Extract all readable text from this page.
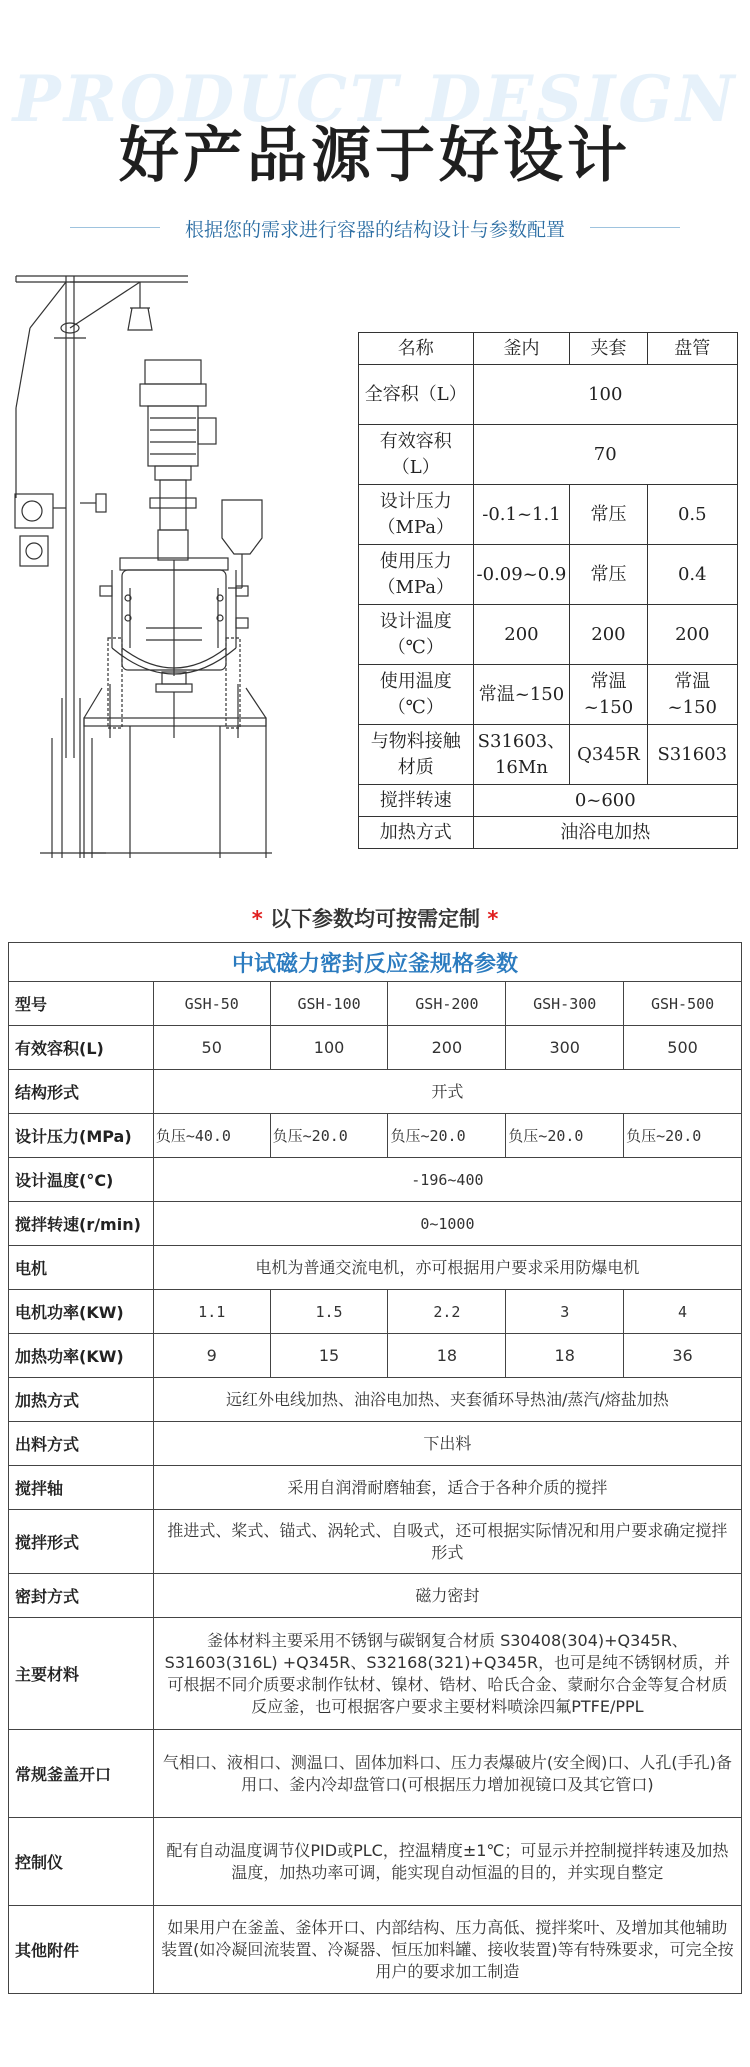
PRODUCT DESIGN
好产品源于好设计
根据您的需求进行容器的结构设计与参数配置
名称	釜内	夹套	盘管
全容积（L）	100		
有效容积（L）	70		
设计压力（MPa）	-0.1~1.1	常压	0.5
使用压力（MPa）	-0.09~0.9	常压	0.4
设计温度（℃）	200	200	200
使用温度（℃）	常温~150	常温~150	常温~150
与物料接触材质	S31603、16Mn	Q345R	S31603
搅拌转速	0~600		
加热方式	油浴电加热		
* 以下参数均可按需定制 *
中试磁力密封反应釜规格参数					
型号	GSH-50	GSH-100	GSH-200	GSH-300	GSH-500
有效容积(L)	50	100	200	300	500
结构形式	开式				
设计压力(MPa)	负压~40.0	负压~20.0	负压~20.0	负压~20.0	负压~20.0
设计温度(°C)	-196~400				
搅拌转速(r/min)	0~1000				
电机	电机为普通交流电机，亦可根据用户要求采用防爆电机				
电机功率(KW)	1.1	1.5	2.2	3	4
加热功率(KW)	9	15	18	18	36
加热方式	远红外电线加热、油浴电加热、夹套循环导热油/蒸汽/熔盐加热				
出料方式	下出料				
搅拌轴	采用自润滑耐磨轴套，适合于各种介质的搅拌				
搅拌形式	推进式、桨式、锚式、涡轮式、自吸式，还可根据实际情况和用户要求确定搅拌形式				
密封方式	磁力密封				
主要材料	釜体材料主要采用不锈钢与碳钢复合材质 S30408(304)+Q345R、S31603(316L) +Q345R、S32168(321)+Q345R，也可是纯不锈钢材质，并可根据不同介质要求制作钛材、镍材、锆材、哈氏合金、蒙耐尔合金等复合材质反应釜，也可根据客户要求主要材料喷涂四氟PTFE/PPL				
常规釜盖开口	气相口、液相口、测温口、固体加料口、压力表爆破片(安全阀)口、人孔(手孔)备用口、釜内冷却盘管口(可根据压力增加视镜口及其它管口)				
控制仪	配有自动温度调节仪PID或PLC，控温精度±1℃；可显示并控制搅拌转速及加热温度，加热功率可调，能实现自动恒温的目的，并实现自整定				
其他附件	如果用户在釜盖、釜体开口、内部结构、压力高低、搅拌桨叶、及增加其他辅助装置(如冷凝回流装置、冷凝器、恒压加料罐、接收装置)等有特殊要求，可完全按用户的要求加工制造				
